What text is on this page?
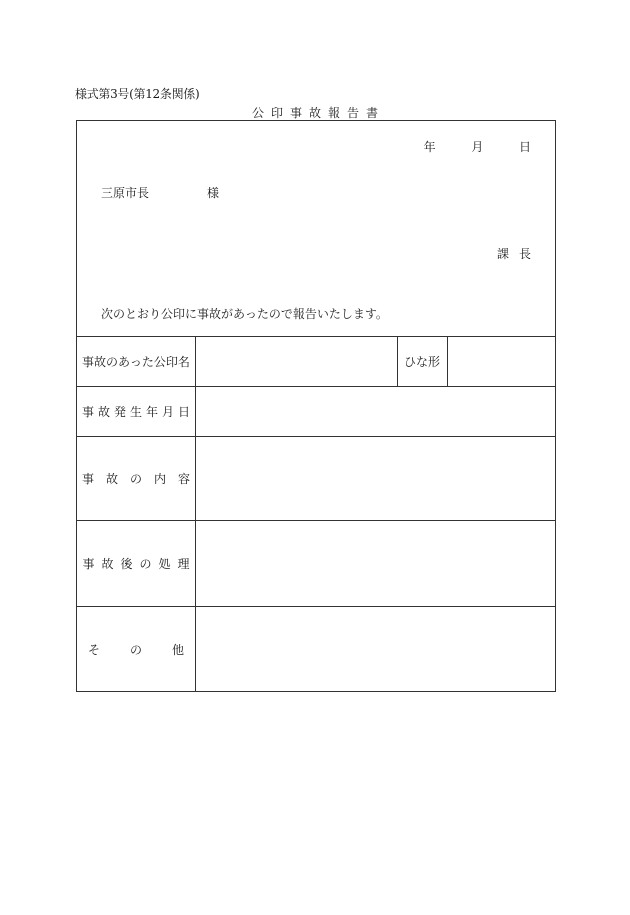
様式第3号(第12条関係)
公印事故報告書
年	月	日
三原市長	様
課長
次のとおり公印に事故があったので報告いたします。
事故のあった公印名	ひな形
事故発生年月日
事故の内容
事故後の処理
その他
